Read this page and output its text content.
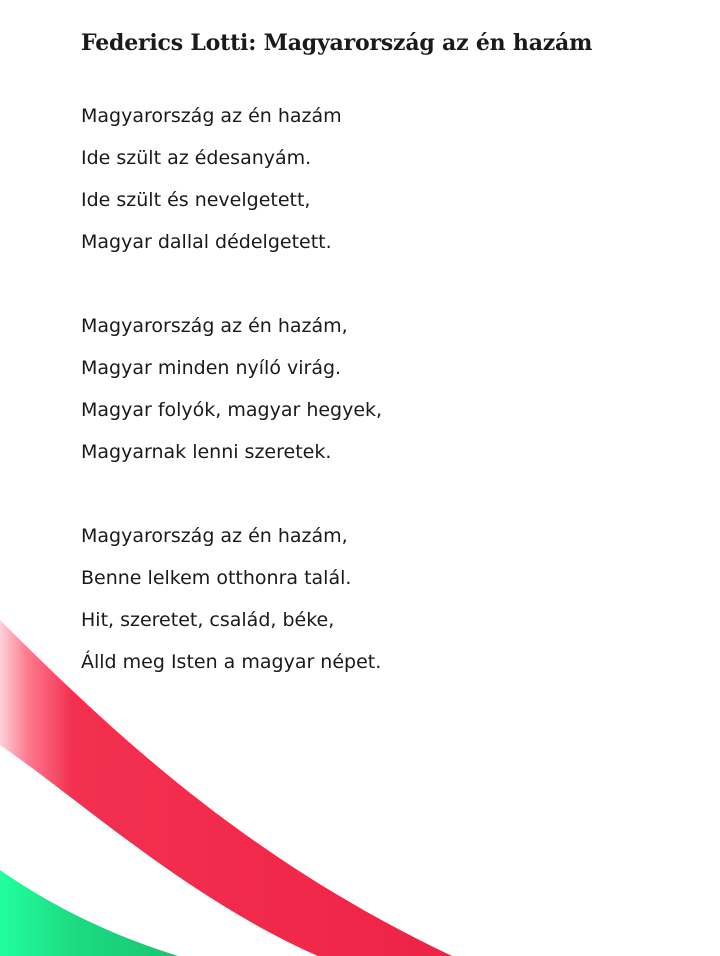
Federics Lotti: Magyarország az én hazám
Magyarország az én hazám
Ide szült az édesanyám.
Ide szült és nevelgetett,
Magyar dallal dédelgetett.
Magyarország az én hazám,
Magyar minden nyíló virág.
Magyar folyók, magyar hegyek,
Magyarnak lenni szeretek.
Magyarország az én hazám,
Benne lelkem otthonra talál.
Hit, szeretet, család, béke,
Álld meg Isten a magyar népet.
